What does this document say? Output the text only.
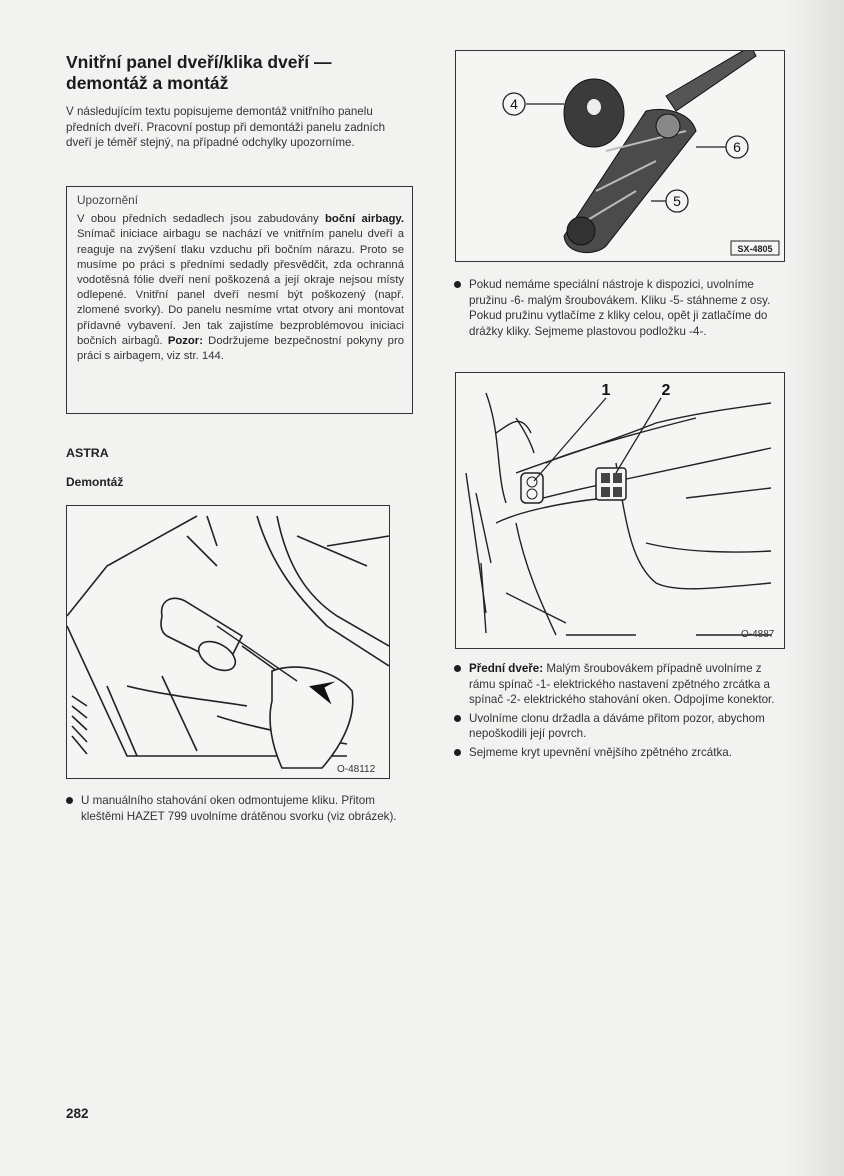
Vnitřní panel dveří/klika dveří —
demontáž a montáž

V následujícím textu popisujeme demontáž vnitřního panelu předních dveří. Pracovní postup při demontáži panelu zadních dveří je téměř stejný, na případné odchylky upozorníme.

Upozornění

V obou předních sedadlech jsou zabudovány boční airbagy. Snímač iniciace airbagu se nachází ve vnitřním panelu dveří a reaguje na zvýšení tlaku vzduchu při bočním nárazu. Proto se musíme po práci s předními sedadly přesvědčit, zda ochranná vodotěsná fólie dveří není poškozená a její okraje nejsou místy odlepené. Vnitřní panel dveří nesmí být poškozený (např. zlomené svorky). Do panelu nesmíme vrtat otvory ani montovat přídavné vybavení. Jen tak zajistíme bezproblémovou iniciaci bočních airbagů. Pozor: Dodržujeme bezpečnostní pokyny pro práci s airbagem, viz str. 144.

ASTRA
Demontáž
O-48112
U manuálního stahování oken odmontujeme kliku. Přitom kleštěmi HAZET 799 uvolníme drátěnou svorku (viz obrázek).
4
6
5
SX-4805
Pokud nemáme speciální nástroje k dispozici, uvolníme pružinu -6- malým šroubovákem. Kliku -5- stáhneme z osy. Pokud pružinu vytlačíme z kliky celou, opět ji zatlačíme do drážky kliky. Sejmeme plastovou podložku -4-.
1	2
O-4887
Přední dveře: Malým šroubovákem případně uvolníme z rámu spínač -1- elektrického nastavení zpětného zrcátka a spínač -2- elektrického stahování oken. Odpojíme konektor.
Uvolníme clonu držadla a dáváme přitom pozor, abychom nepoškodili její povrch.
Sejmeme kryt upevnění vnějšího zpětného zrcátka.
282
